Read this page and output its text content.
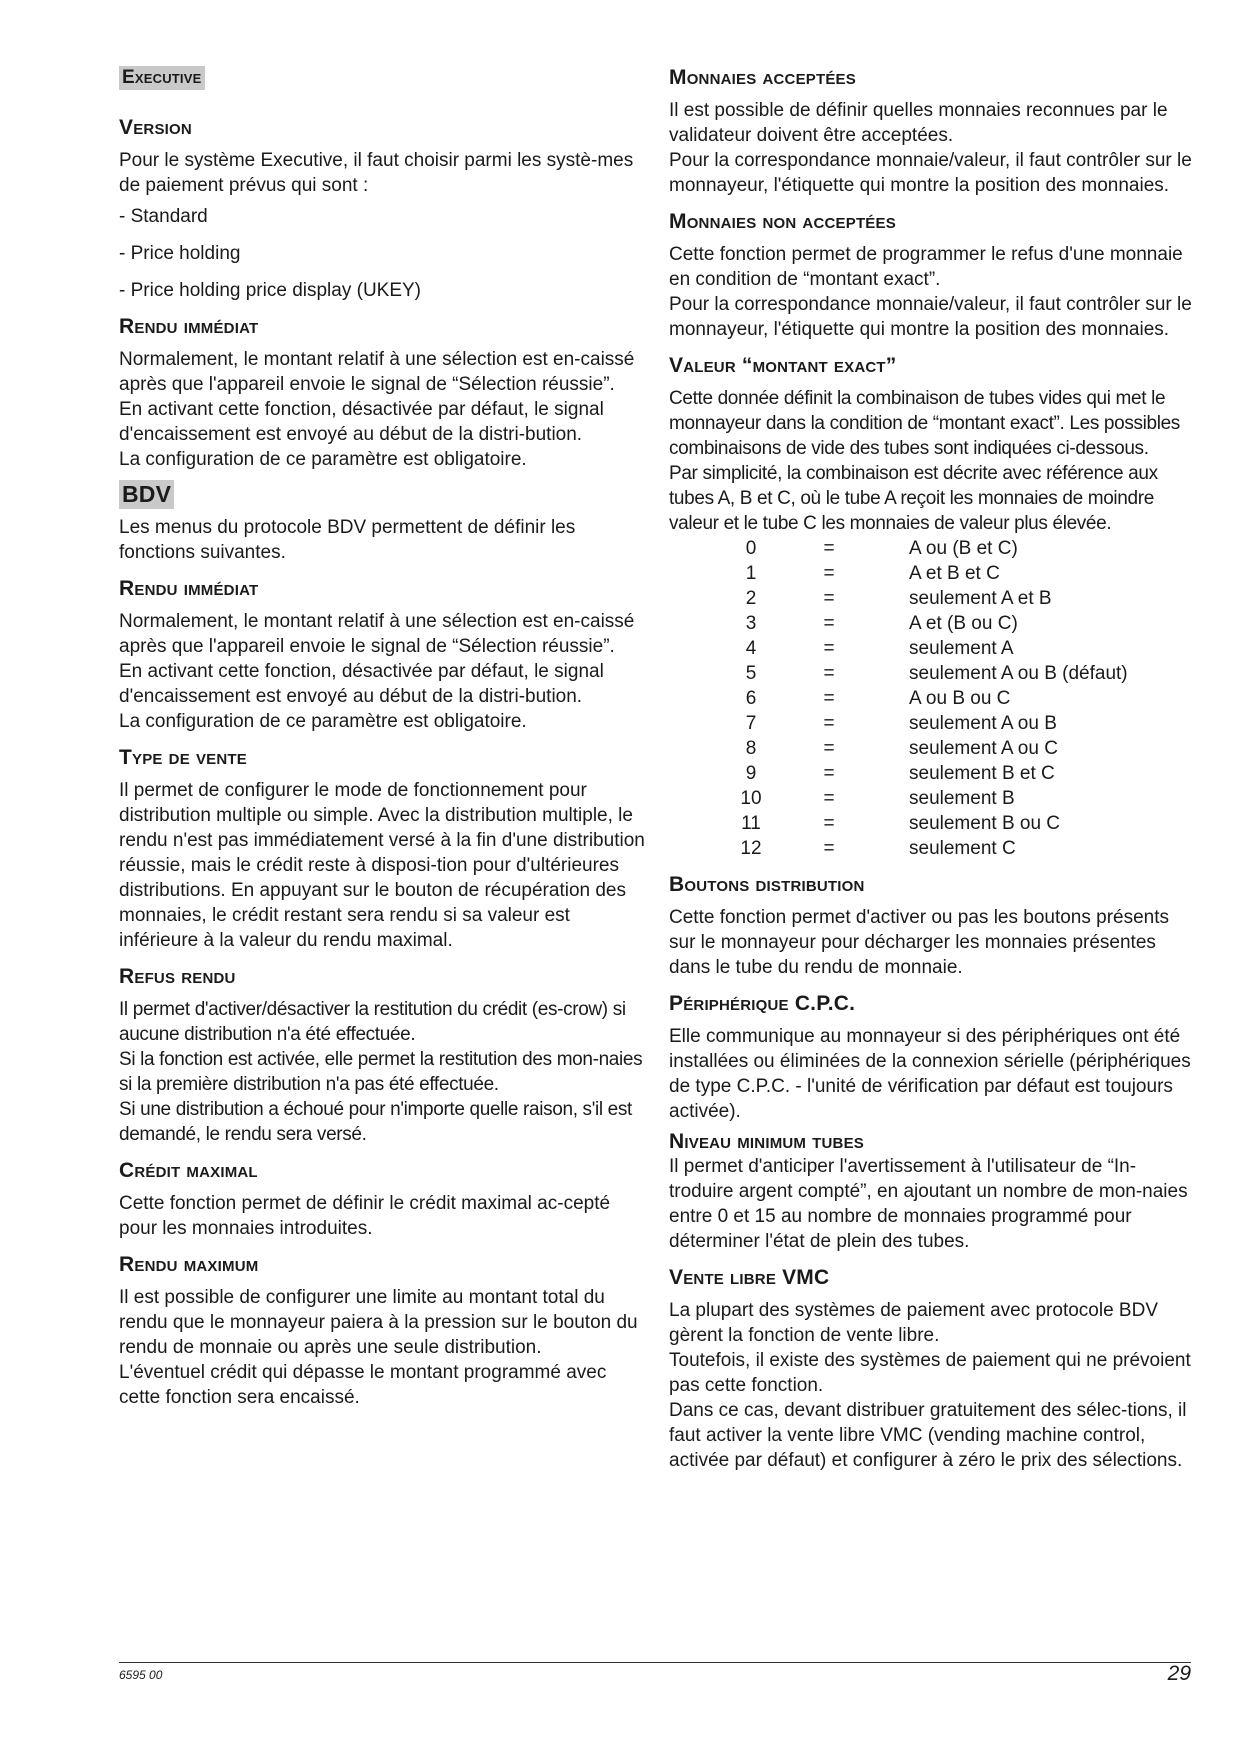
Executive
Version

Pour le système Executive, il faut choisir parmi les systè-mes de paiement prévus qui sont :

- Standard

- Price holding

- Price holding price display (UKEY)

Rendu immédiat

Normalement, le montant relatif à une sélection est en-caissé après que l'appareil envoie le signal de “Sélection réussie”.

En activant cette fonction, désactivée par défaut, le signal d'encaissement est envoyé au début de la distri-bution.

La configuration de ce paramètre est obligatoire.

BDV

Les menus du protocole BDV permettent de définir les fonctions suivantes.

Rendu immédiat

Normalement, le montant relatif à une sélection est en-caissé après que l'appareil envoie le signal de “Sélection réussie”.

En activant cette fonction, désactivée par défaut, le signal d'encaissement est envoyé au début de la distri-bution.

La configuration de ce paramètre est obligatoire.

Type de vente

Il permet de configurer le mode de fonctionnement pour distribution multiple ou simple. Avec la distribution multiple, le rendu n'est pas immédiatement versé à la fin d'une distribution réussie, mais le crédit reste à disposi-tion pour d'ultérieures distributions. En appuyant sur le bouton de récupération des monnaies, le crédit restant sera rendu si sa valeur est inférieure à la valeur du rendu maximal.

Refus rendu

Il permet d'activer/désactiver la restitution du crédit (es-crow) si aucune distribution n'a été effectuée.

Si la fonction est activée, elle permet la restitution des mon-naies si la première distribution n'a pas été effectuée.

Si une distribution a échoué pour n'importe quelle raison, s'il est demandé, le rendu sera versé.

Crédit maximal

Cette fonction permet de définir le crédit maximal ac-cepté pour les monnaies introduites.

Rendu maximum

Il est possible de configurer une limite au montant total du rendu que le monnayeur paiera à la pression sur le bouton du rendu de monnaie ou après une seule distribution.

L'éventuel crédit qui dépasse le montant programmé avec cette fonction sera encaissé.

Monnaies acceptées

Il est possible de définir quelles monnaies reconnues par le validateur doivent être acceptées.

Pour la correspondance monnaie/valeur, il faut contrôler sur le monnayeur, l'étiquette qui montre la position des monnaies.

Monnaies non acceptées

Cette fonction permet de programmer le refus d'une monnaie en condition de “montant exact”.

Pour la correspondance monnaie/valeur, il faut contrôler sur le monnayeur, l'étiquette qui montre la position des monnaies.

Valeur “montant exact”

Cette donnée définit la combinaison de tubes vides qui met le monnayeur dans la condition de “montant exact”. Les possibles combinaisons de vide des tubes sont indiquées ci-dessous.

Par simplicité, la combinaison est décrite avec référence aux tubes A, B et C, où le tube A reçoit les monnaies de moindre valeur et le tube C les monnaies de valeur plus élevée.

0	=	A ou (B et C)
1	=	A et B et C
2	=	seulement A et B
3	=	A et (B ou C)
4	=	seulement A
5	=	seulement A ou B (défaut)
6	=	A ou B ou C
7	=	seulement A ou B
8	=	seulement A ou C
9	=	seulement B et C
10	=	seulement B
11	=	seulement B ou C
12	=	seulement C
Boutons distribution

Cette fonction permet d'activer ou pas les boutons présents sur le monnayeur pour décharger les monnaies présentes dans le tube du rendu de monnaie.

Périphérique C.P.C.

Elle communique au monnayeur si des périphériques ont été installées ou éliminées de la connexion sérielle (périphériques de type C.P.C. - l'unité de vérification par défaut est toujours activée).

Niveau minimum tubes

Il permet d'anticiper l'avertissement à l'utilisateur de “In-troduire argent compté”, en ajoutant un nombre de mon-naies entre 0 et 15 au nombre de monnaies programmé pour déterminer l'état de plein des tubes.

Vente libre VMC

La plupart des systèmes de paiement avec protocole BDV gèrent la fonction de vente libre.

Toutefois, il existe des systèmes de paiement qui ne prévoient pas cette fonction.

Dans ce cas, devant distribuer gratuitement des sélec-tions, il faut activer la vente libre VMC (vending machine control, activée par défaut) et configurer à zéro le prix des sélections.

6595 00	29
